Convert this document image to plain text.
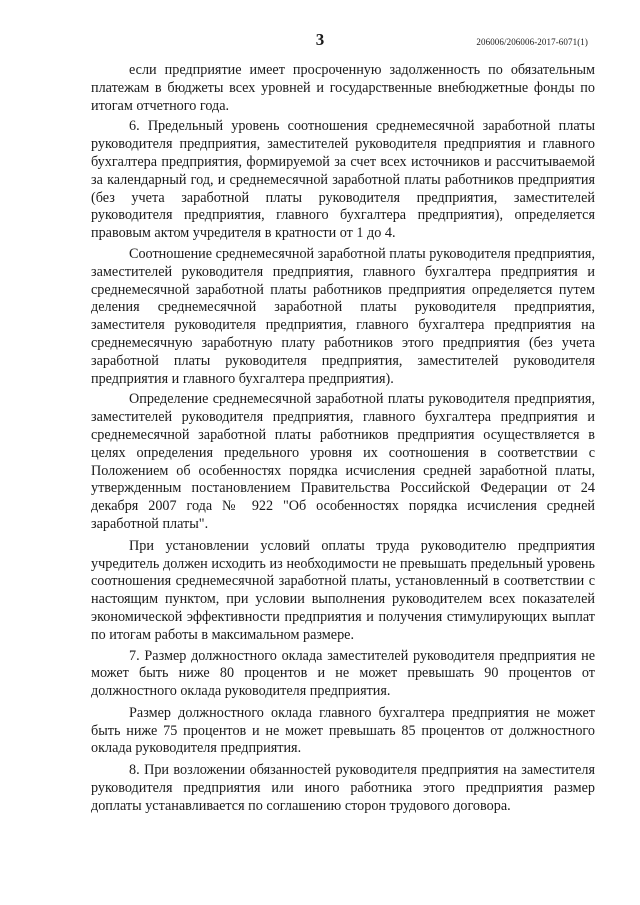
3	206006/206006-2017-6071(1)

если предприятие имеет просроченную задолженность по обязательным платежам в бюджеты всех уровней и государственные внебюджетные фонды по итогам отчетного года.

6. Предельный уровень соотношения среднемесячной заработной платы руководителя предприятия, заместителей руководителя предприятия и главного бухгалтера предприятия, формируемой за счет всех источников и рассчитываемой за календарный год, и среднемесячной заработной платы работников предприятия (без учета заработной платы руководителя предприятия, заместителей руководителя предприятия, главного бухгалтера предприятия), определяется правовым актом учредителя в кратности от 1 до 4.

Соотношение среднемесячной заработной платы руководителя предприятия, заместителей руководителя предприятия, главного бухгалтера предприятия и среднемесячной заработной платы работников предприятия определяется путем деления среднемесячной заработной платы руководителя предприятия, заместителя руководителя предприятия, главного бухгалтера предприятия на среднемесячную заработную плату работников этого предприятия (без учета заработной платы руководителя предприятия, заместителей руководителя предприятия и главного бухгалтера предприятия).

Определение среднемесячной заработной платы руководителя предприятия, заместителей руководителя предприятия, главного бухгалтера предприятия и среднемесячной заработной платы работников предприятия осуществляется в целях определения предельного уровня их соотношения в соответствии с Положением об особенностях порядка исчисления средней заработной платы, утвержденным постановлением Правительства Российской Федерации от 24 декабря 2007 года № 922 "Об особенностях порядка исчисления средней заработной платы".

При установлении условий оплаты труда руководителю предприятия учредитель должен исходить из необходимости не превышать предельный уровень соотношения среднемесячной заработной платы, установленный в соответствии с настоящим пунктом, при условии выполнения руководителем всех показателей экономической эффективности предприятия и получения стимулирующих выплат по итогам работы в максимальном размере.

7. Размер должностного оклада заместителей руководителя предприятия не может быть ниже 80 процентов и не может превышать 90 процентов от должностного оклада руководителя предприятия.

Размер должностного оклада главного бухгалтера предприятия не может быть ниже 75 процентов и не может превышать 85 процентов от должностного оклада руководителя предприятия.

8. При возложении обязанностей руководителя предприятия на заместителя руководителя предприятия или иного работника этого предприятия размер доплаты устанавливается по соглашению сторон трудового договора.
